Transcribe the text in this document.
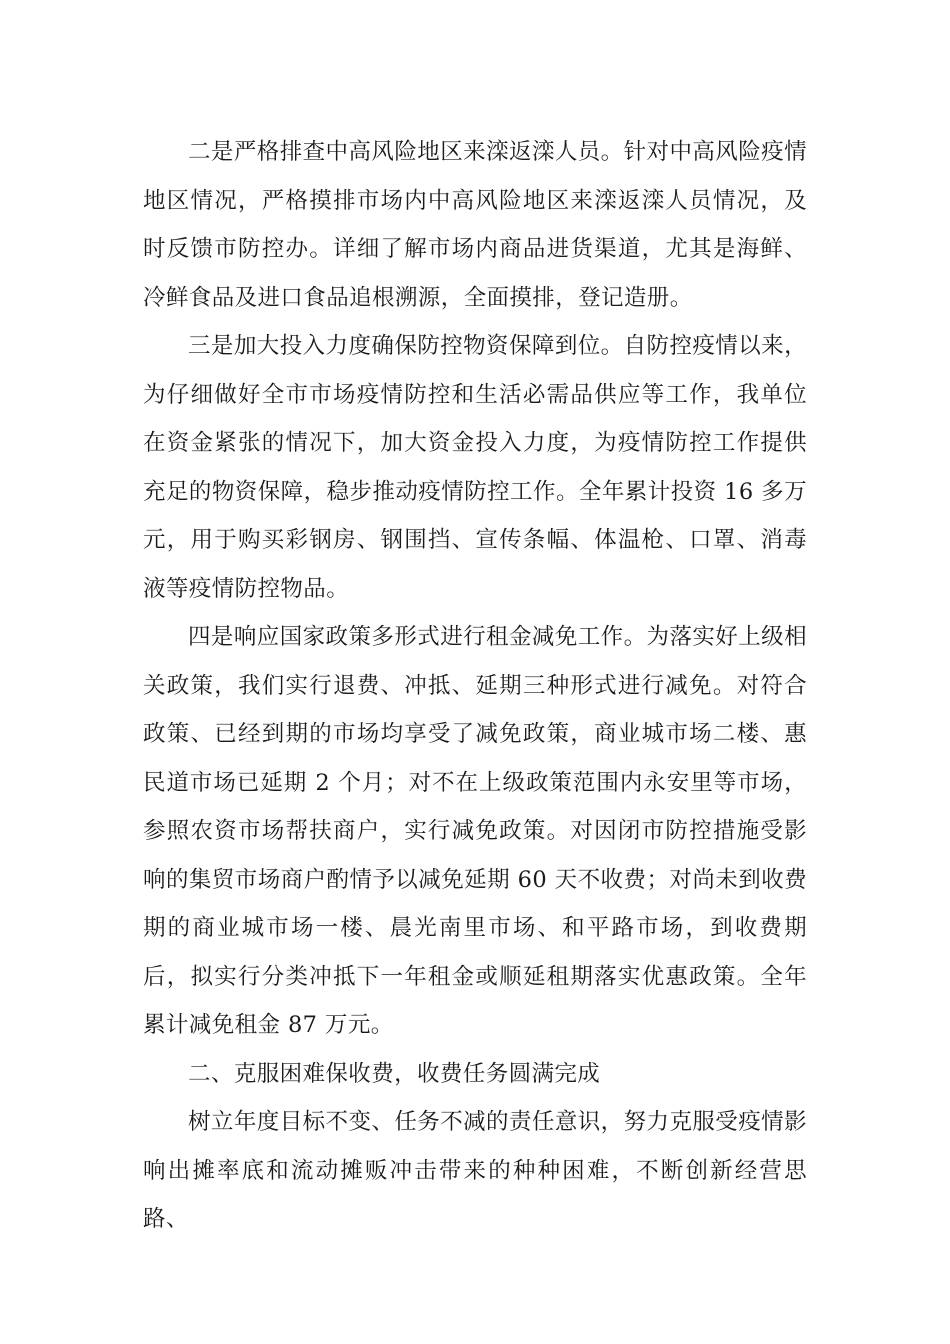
二是严格排查中高风险地区来滦返滦人员。针对中高风险疫情地区情况，严格摸排市场内中高风险地区来滦返滦人员情况，及时反馈市防控办。详细了解市场内商品进货渠道，尤其是海鲜、冷鲜食品及进口食品追根溯源，全面摸排，登记造册。

三是加大投入力度确保防控物资保障到位。自防控疫情以来，为仔细做好全市市场疫情防控和生活必需品供应等工作，我单位在资金紧张的情况下，加大资金投入力度，为疫情防控工作提供充足的物资保障，稳步推动疫情防控工作。全年累计投资 16 多万元，用于购买彩钢房、钢围挡、宣传条幅、体温枪、口罩、消毒液等疫情防控物品。

四是响应国家政策多形式进行租金减免工作。为落实好上级相关政策，我们实行退费、冲抵、延期三种形式进行减免。对符合政策、已经到期的市场均享受了减免政策，商业城市场二楼、惠民道市场已延期 2 个月；对不在上级政策范围内永安里等市场，参照农资市场帮扶商户，实行减免政策。对因闭市防控措施受影响的集贸市场商户酌情予以减免延期 60 天不收费；对尚未到收费期的商业城市场一楼、晨光南里市场、和平路市场，到收费期后，拟实行分类冲抵下一年租金或顺延租期落实优惠政策。全年累计减免租金 87 万元。

二、克服困难保收费，收费任务圆满完成

树立年度目标不变、任务不减的责任意识，努力克服受疫情影响出摊率底和流动摊贩冲击带来的种种困难，不断创新经营思路、
